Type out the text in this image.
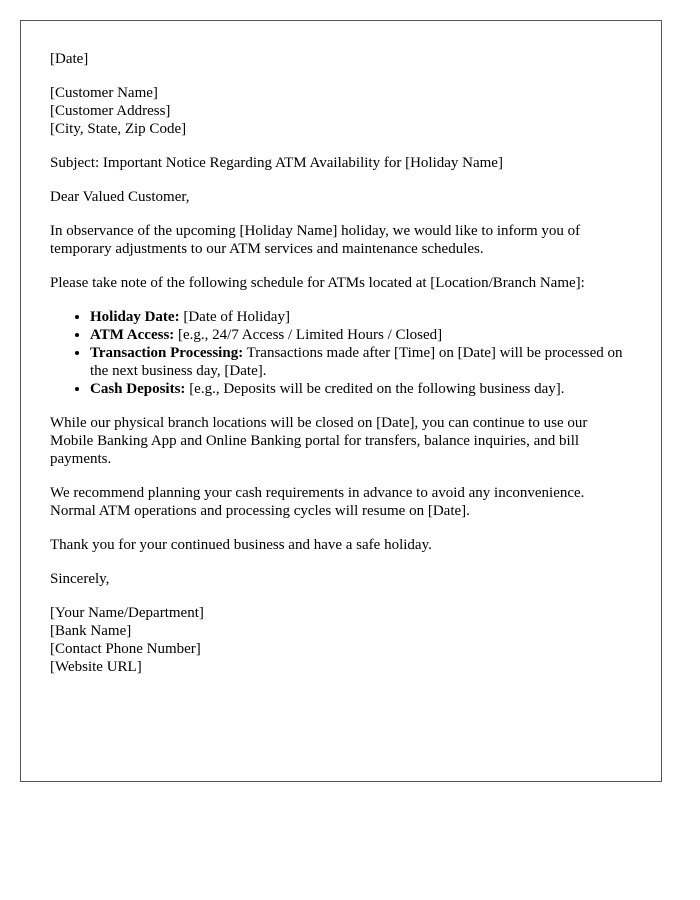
[Date]

[Customer Name]
[Customer Address]
[City, State, Zip Code]

Subject: Important Notice Regarding ATM Availability for [Holiday Name]

Dear Valued Customer,

In observance of the upcoming [Holiday Name] holiday, we would like to inform you of temporary adjustments to our ATM services and maintenance schedules.

Please take note of the following schedule for ATMs located at [Location/Branch Name]:

• Holiday Date: [Date of Holiday]
• ATM Access: [e.g., 24/7 Access / Limited Hours / Closed]
• Transaction Processing: Transactions made after [Time] on [Date] will be processed on the next business day, [Date].
• Cash Deposits: [e.g., Deposits will be credited on the following business day].

While our physical branch locations will be closed on [Date], you can continue to use our Mobile Banking App and Online Banking portal for transfers, balance inquiries, and bill payments.

We recommend planning your cash requirements in advance to avoid any inconvenience. Normal ATM operations and processing cycles will resume on [Date].

Thank you for your continued business and have a safe holiday.

Sincerely,

[Your Name/Department]
[Bank Name]
[Contact Phone Number]
[Website URL]
